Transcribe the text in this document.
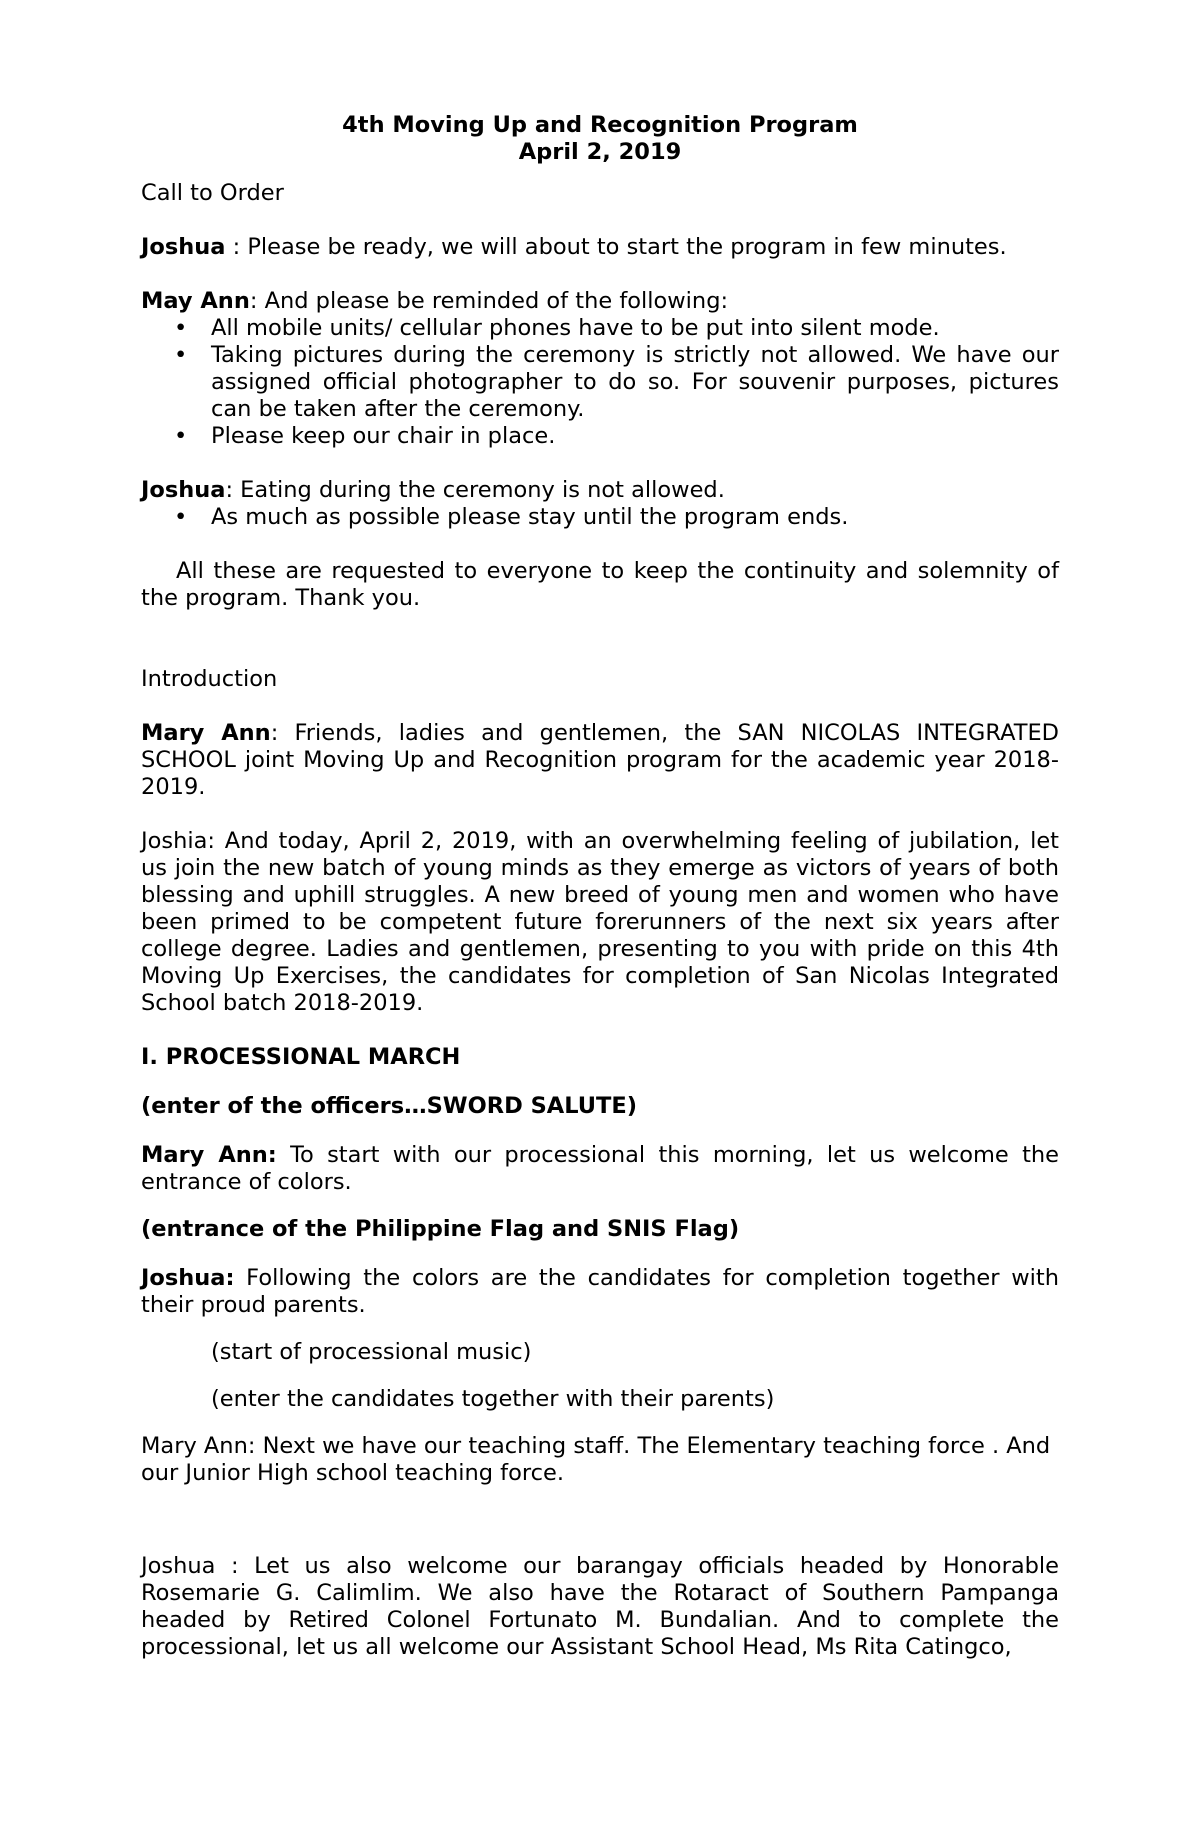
4th Moving Up and Recognition Program

April 2, 2019

Call to Order

Joshua : Please be ready, we will about to start the program in few minutes.

May Ann: And please be reminded of the following:

• All mobile units/ cellular phones have to be put into silent mode.
• Taking pictures during the ceremony is strictly not allowed. We have our assigned official photographer to do so. For souvenir purposes, pictures can be taken after the ceremony.
• Please keep our chair in place.

Joshua: Eating during the ceremony is not allowed.

• As much as possible please stay until the program ends.

All these are requested to everyone to keep the continuity and solemnity of the program. Thank you.

Introduction

Mary Ann: Friends, ladies and gentlemen, the SAN NICOLAS INTEGRATED SCHOOL joint Moving Up and Recognition program for the academic year 2018-2019.

Joshia: And today, April 2, 2019, with an overwhelming feeling of jubilation, let us join the new batch of young minds as they emerge as victors of years of both blessing and uphill struggles. A new breed of young men and women who have been primed to be competent future forerunners of the next six years after college degree. Ladies and gentlemen, presenting to you with pride on this 4th Moving Up Exercises, the candidates for completion of San Nicolas Integrated School batch 2018-2019.

I. PROCESSIONAL MARCH

(enter of the officers…SWORD SALUTE)

Mary Ann: To start with our processional this morning, let us welcome the entrance of colors.

(entrance of the Philippine Flag and SNIS Flag)

Joshua: Following the colors are the candidates for completion together with their proud parents.

(start of processional music)

(enter the candidates together with their parents)

Mary Ann: Next we have our teaching staff. The Elementary teaching force . And our Junior High school teaching force.

Joshua : Let us also welcome our barangay officials headed by Honorable Rosemarie G. Calimlim. We also have the Rotaract of Southern Pampanga headed by Retired Colonel Fortunato M. Bundalian. And to complete the processional, let us all welcome our Assistant School Head, Ms Rita Catingco,
